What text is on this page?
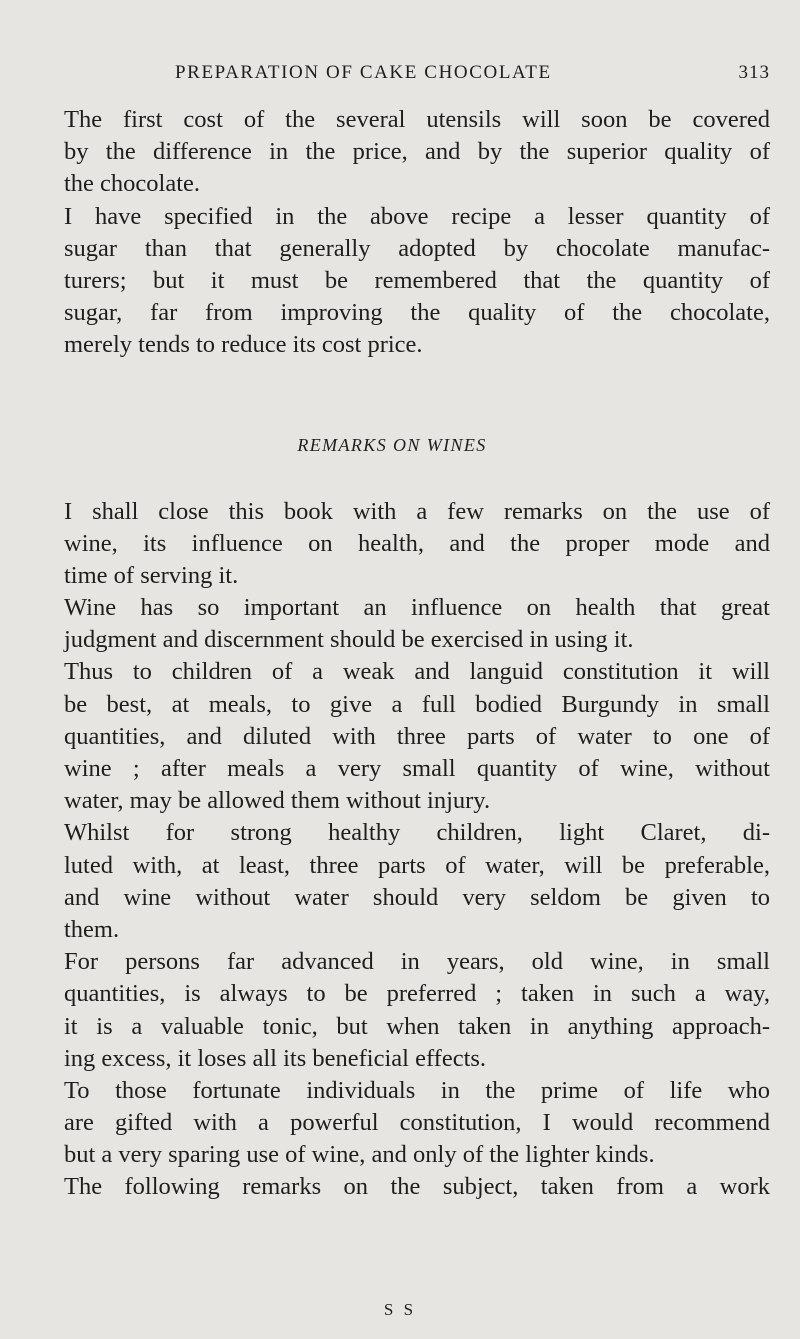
PREPARATION OF CAKE CHOCOLATE	313
The first cost of the several utensils will soon be covered
by the difference in the price, and by the superior quality of
the chocolate.
I have specified in the above recipe a lesser quantity of
sugar than that generally adopted by chocolate manufac-
turers; but it must be remembered that the quantity of
sugar, far from improving the quality of the chocolate,
merely tends to reduce its cost price.
REMARKS ON WINES
I shall close this book with a few remarks on the use of
wine, its influence on health, and the proper mode and
time of serving it.
Wine has so important an influence on health that great
judgment and discernment should be exercised in using it.
Thus to children of a weak and languid constitution it will
be best, at meals, to give a full bodied Burgundy in small
quantities, and diluted with three parts of water to one of
wine ; after meals a very small quantity of wine, without
water, may be allowed them without injury.
Whilst for strong healthy children, light Claret, di-
luted with, at least, three parts of water, will be preferable,
and wine without water should very seldom be given to
them.
For persons far advanced in years, old wine, in small
quantities, is always to be preferred ; taken in such a way,
it is a valuable tonic, but when taken in anything approach-
ing excess, it loses all its beneficial effects.
To those fortunate individuals in the prime of life who
are gifted with a powerful constitution, I would recommend
but a very sparing use of wine, and only of the lighter kinds.
The following remarks on the subject, taken from a work
S S
